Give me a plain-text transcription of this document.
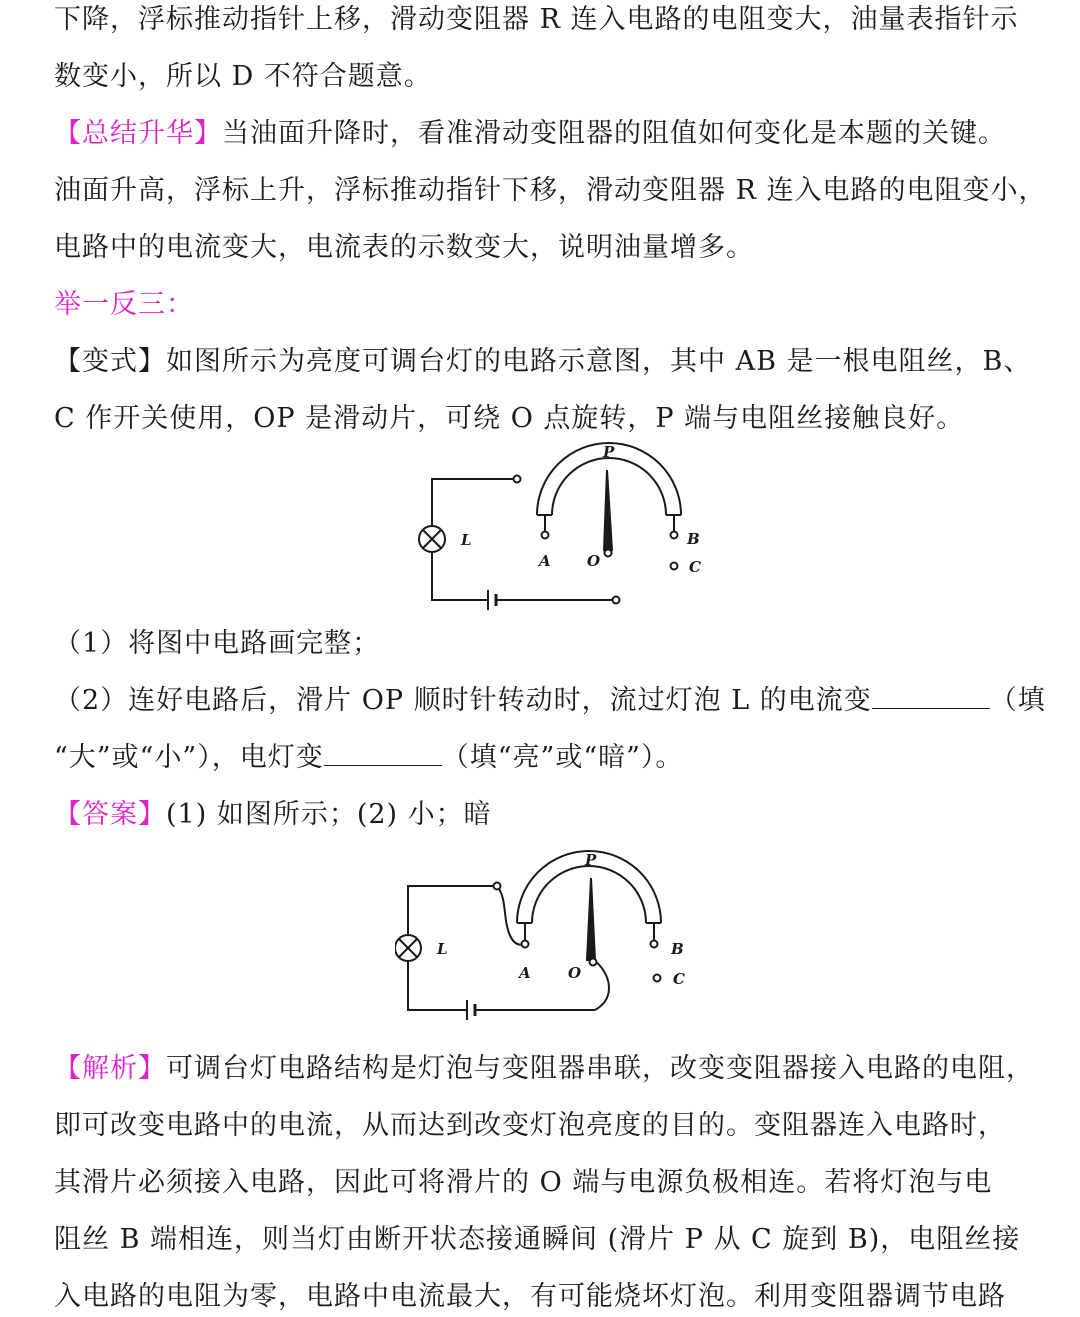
下降，浮标推动指针上移，滑动变阻器 R 连入电路的电阻变大，油量表指针示
数变小，所以 D 不符合题意。
【总结升华】当油面升降时，看准滑动变阻器的阻值如何变化是本题的关键。
油面升高，浮标上升，浮标推动指针下移，滑动变阻器 R 连入电路的电阻变小，
电路中的电流变大，电流表的示数变大，说明油量增多。
举一反三：
【变式】如图所示为亮度可调台灯的电路示意图，其中 AB 是一根电阻丝，B、
C 作开关使用，OP 是滑动片，可绕 O 点旋转，P 端与电阻丝接触良好。
L
P
A O
B
C
（1）将图中电路画完整；
（2）连好电路后，滑片 OP 顺时针转动时，流过灯泡 L 的电流变	（填
“大”或“小”），电灯变	（填“亮”或“暗”）。
【答案】(1) 如图所示；(2) 小；暗
L
P
A O
B
C
【解析】可调台灯电路结构是灯泡与变阻器串联，改变变阻器接入电路的电阻，
即可改变电路中的电流，从而达到改变灯泡亮度的目的。变阻器连入电路时，
其滑片必须接入电路，因此可将滑片的 O 端与电源负极相连。若将灯泡与电
阻丝 B 端相连，则当灯由断开状态接通瞬间 (滑片 P 从 C 旋到 B)，电阻丝接
入电路的电阻为零，电路中电流最大，有可能烧坏灯泡。利用变阻器调节电路
